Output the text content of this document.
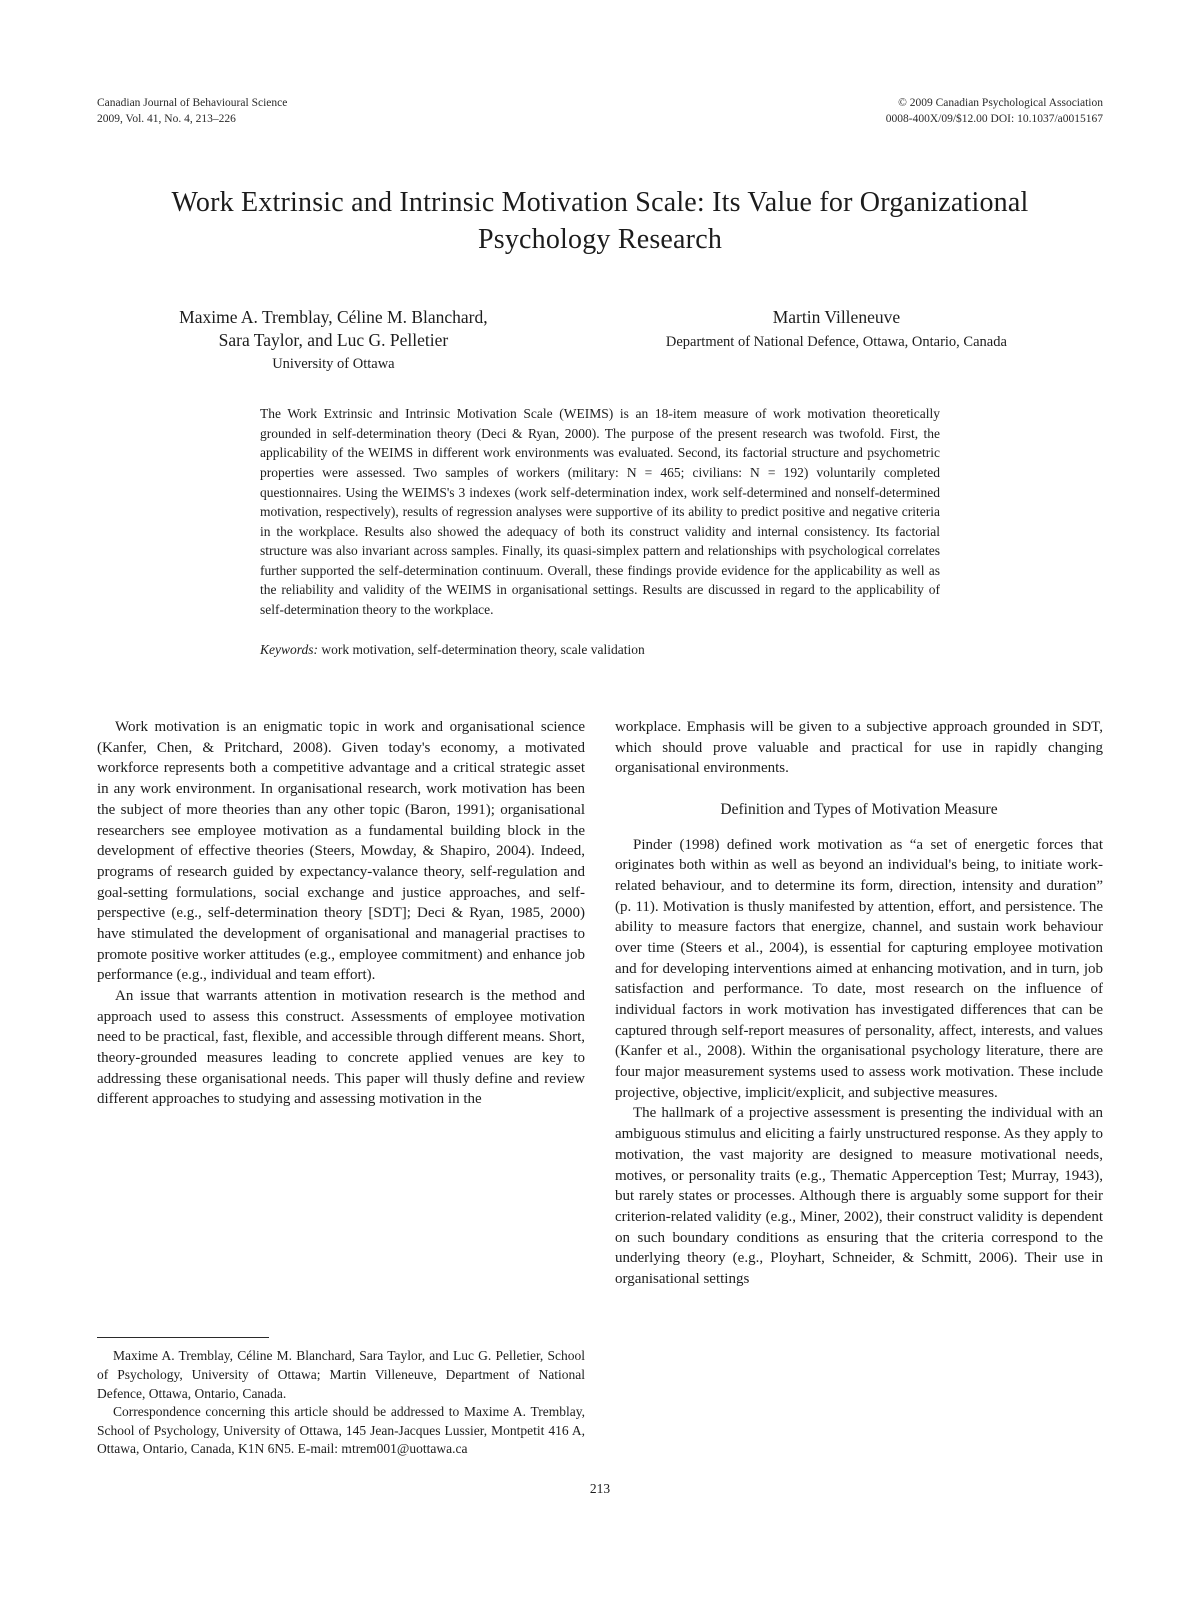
Canadian Journal of Behavioural Science
2009, Vol. 41, No. 4, 213–226
© 2009 Canadian Psychological Association
0008-400X/09/$12.00 DOI: 10.1037/a0015167
Work Extrinsic and Intrinsic Motivation Scale: Its Value for Organizational Psychology Research
Maxime A. Tremblay, Céline M. Blanchard,
Sara Taylor, and Luc G. Pelletier
University of Ottawa
Martin Villeneuve
Department of National Defence, Ottawa, Ontario, Canada
The Work Extrinsic and Intrinsic Motivation Scale (WEIMS) is an 18-item measure of work motivation theoretically grounded in self-determination theory (Deci & Ryan, 2000). The purpose of the present research was twofold. First, the applicability of the WEIMS in different work environments was evaluated. Second, its factorial structure and psychometric properties were assessed. Two samples of workers (military: N = 465; civilians: N = 192) voluntarily completed questionnaires. Using the WEIMS's 3 indexes (work self-determination index, work self-determined and nonself-determined motivation, respectively), results of regression analyses were supportive of its ability to predict positive and negative criteria in the workplace. Results also showed the adequacy of both its construct validity and internal consistency. Its factorial structure was also invariant across samples. Finally, its quasi-simplex pattern and relationships with psychological correlates further supported the self-determination continuum. Overall, these findings provide evidence for the applicability as well as the reliability and validity of the WEIMS in organisational settings. Results are discussed in regard to the applicability of self-determination theory to the workplace.
Keywords: work motivation, self-determination theory, scale validation

Work motivation is an enigmatic topic in work and organisational science (Kanfer, Chen, & Pritchard, 2008). Given today's economy, a motivated workforce represents both a competitive advantage and a critical strategic asset in any work environment. In organisational research, work motivation has been the subject of more theories than any other topic (Baron, 1991); organisational researchers see employee motivation as a fundamental building block in the development of effective theories (Steers, Mowday, & Shapiro, 2004). Indeed, programs of research guided by expectancy-valance theory, self-regulation and goal-setting formulations, social exchange and justice approaches, and self-perspective (e.g., self-determination theory [SDT]; Deci & Ryan, 1985, 2000) have stimulated the development of organisational and managerial practises to promote positive worker attitudes (e.g., employee commitment) and enhance job performance (e.g., individual and team effort).

An issue that warrants attention in motivation research is the method and approach used to assess this construct. Assessments of employee motivation need to be practical, fast, flexible, and accessible through different means. Short, theory-grounded measures leading to concrete applied venues are key to addressing these organisational needs. This paper will thusly define and review different approaches to studying and assessing motivation in the

Maxime A. Tremblay, Céline M. Blanchard, Sara Taylor, and Luc G. Pelletier, School of Psychology, University of Ottawa; Martin Villeneuve, Department of National Defence, Ottawa, Ontario, Canada.

Correspondence concerning this article should be addressed to Maxime A. Tremblay, School of Psychology, University of Ottawa, 145 Jean-Jacques Lussier, Montpetit 416 A, Ottawa, Ontario, Canada, K1N 6N5. E-mail: mtrem001@uottawa.ca

workplace. Emphasis will be given to a subjective approach grounded in SDT, which should prove valuable and practical for use in rapidly changing organisational environments.

Definition and Types of Motivation Measure

Pinder (1998) defined work motivation as “a set of energetic forces that originates both within as well as beyond an individual's being, to initiate work-related behaviour, and to determine its form, direction, intensity and duration” (p. 11). Motivation is thusly manifested by attention, effort, and persistence. The ability to measure factors that energize, channel, and sustain work behaviour over time (Steers et al., 2004), is essential for capturing employee motivation and for developing interventions aimed at enhancing motivation, and in turn, job satisfaction and performance. To date, most research on the influence of individual factors in work motivation has investigated differences that can be captured through self-report measures of personality, affect, interests, and values (Kanfer et al., 2008). Within the organisational psychology literature, there are four major measurement systems used to assess work motivation. These include projective, objective, implicit/explicit, and subjective measures.

The hallmark of a projective assessment is presenting the individual with an ambiguous stimulus and eliciting a fairly unstructured response. As they apply to motivation, the vast majority are designed to measure motivational needs, motives, or personality traits (e.g., Thematic Apperception Test; Murray, 1943), but rarely states or processes. Although there is arguably some support for their criterion-related validity (e.g., Miner, 2002), their construct validity is dependent on such boundary conditions as ensuring that the criteria correspond to the underlying theory (e.g., Ployhart, Schneider, & Schmitt, 2006). Their use in organisational settings

213
